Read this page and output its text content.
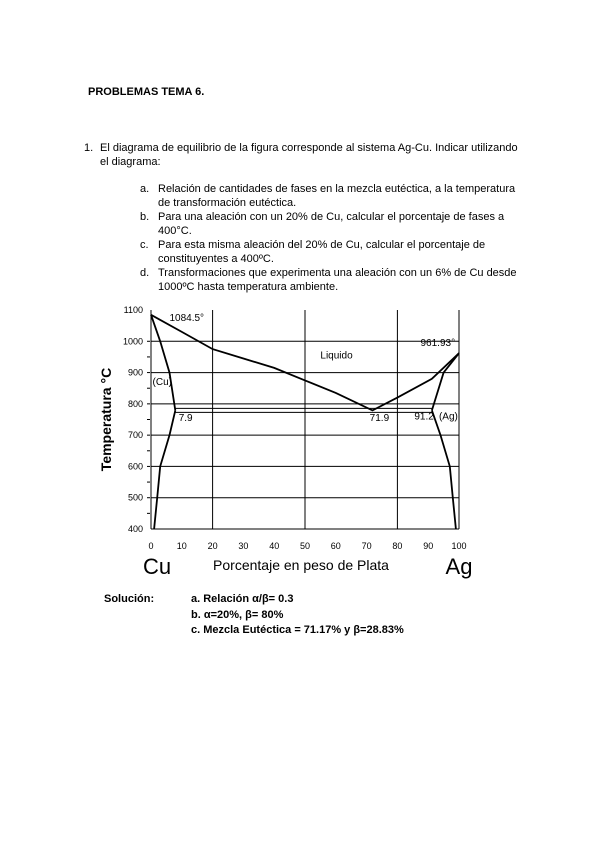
PROBLEMAS TEMA 6.
1. El diagrama de equilibrio de la figura corresponde al sistema Ag-Cu. Indicar utilizando el diagrama:
a. Relación de cantidades de fases en la mezcla eutéctica, a la temperatura de transformación eutéctica.
b. Para una aleación con un 20% de Cu, calcular el porcentaje de fases a 400°C.
c. Para esta misma aleación del 20% de Cu, calcular el porcentaje de constituyentes a 400ºC.
d. Transformaciones que experimenta una aleación con un 6% de Cu desde 1000ºC hasta temperatura ambiente.
400
500
600
700
800
900
1000
1100
0	10 20 30 40 50 60 70 80 90 100
1084.5°
Liquido
961.93°
(Cu)
7.9	71.9	91.2 (Ag)
Porcentaje en peso de Plata
Temperatura °C
Cu	Ag
Solución:	a. Relación α/β= 0.3
b. α=20%, β= 80%
c. Mezcla Eutéctica = 71.17% y β=28.83%
